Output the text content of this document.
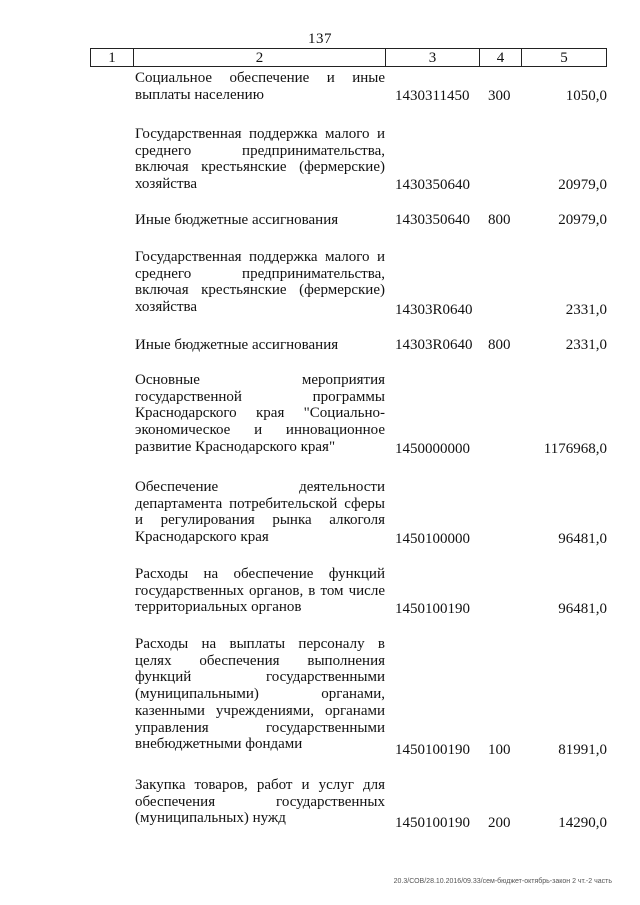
137
1	2	3	4	5
Социальное обеспечение и иные выплаты населению	1430311450 300	1050,0
Государственная поддержка малого и среднего предпринимательства, включая крестьянские (фермерские) хозяйства	1430350640	20979,0
Иные бюджетные ассигнования	1430350640 800	20979,0
Государственная поддержка малого и среднего предпринимательства, включая крестьянские (фермерские) хозяйства	14303R0640	2331,0
Иные бюджетные ассигнования	14303R0640 800	2331,0
Основные мероприятия государственной программы Краснодарского края "Социально-экономическое и инновационное развитие Краснодарского края"	1450000000	1176968,0
Обеспечение деятельности департамента потребительской сферы и регулирования рынка алкоголя Краснодарского края	1450100000	96481,0
Расходы на обеспечение функций государственных органов, в том числе территориальных органов	1450100190	96481,0
Расходы на выплаты персоналу в целях обеспечения выполнения функций государственными (муниципальными) органами, казенными учреждениями, органами управления государственными внебюджетными фондами	1450100190 100	81991,0
Закупка товаров, работ и услуг для обеспечения государственных (муниципальных) нужд	1450100190 200	14290,0
20.3/СОВ/28.10.2016/09.33/сем-бюджет-октябрь-закон 2 чт.-2 часть
